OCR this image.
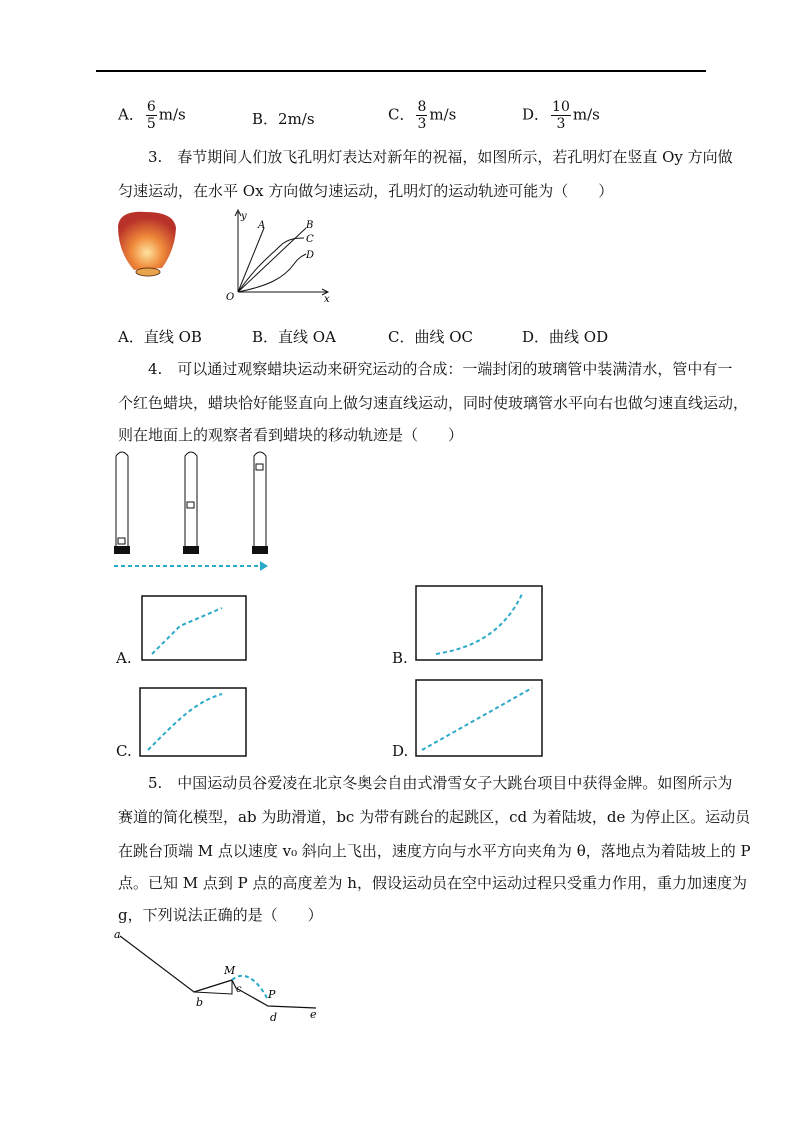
A． $\frac{6}{5} m/s$	B．2m/s	C． $\frac{8}{3} m/s$	D． $\frac{10}{3} m/s$
3.　春节期间人们放飞孔明灯表达对新年的祝福，如图所示，若孔明灯在竖直 Oy 方向做
匀速运动，在水平 Ox 方向做匀速运动，孔明灯的运动轨迹可能为（　　）
y
x
O
A	B
C
D
A．直线 OB	B．直线 OA	C．曲线 OC	D．曲线 OD
4.　可以通过观察蜡块运动来研究运动的合成：一端封闭的玻璃管中装满清水，管中有一
个红色蜡块，蜡块恰好能竖直向上做匀速直线运动，同时使玻璃管水平向右也做匀速直线运动，
则在地面上的观察者看到蜡块的移动轨迹是（　　）
A.	B.
C.	D.
5.　中国运动员谷爱凌在北京冬奥会自由式滑雪女子大跳台项目中获得金牌。如图所示为
赛道的简化模型，ab 为助滑道，bc 为带有跳台的起跳区，cd 为着陆坡，de 为停止区。运动员
在跳台顶端 M 点以速度 v₀ 斜向上飞出，速度方向与水平方向夹角为 θ，落地点为着陆坡上的 P
点。已知 M 点到 P 点的高度差为 h，假设运动员在空中运动过程只受重力作用，重力加速度为
g，下列说法正确的是（　　）
a
b
c
M
P
d	e
